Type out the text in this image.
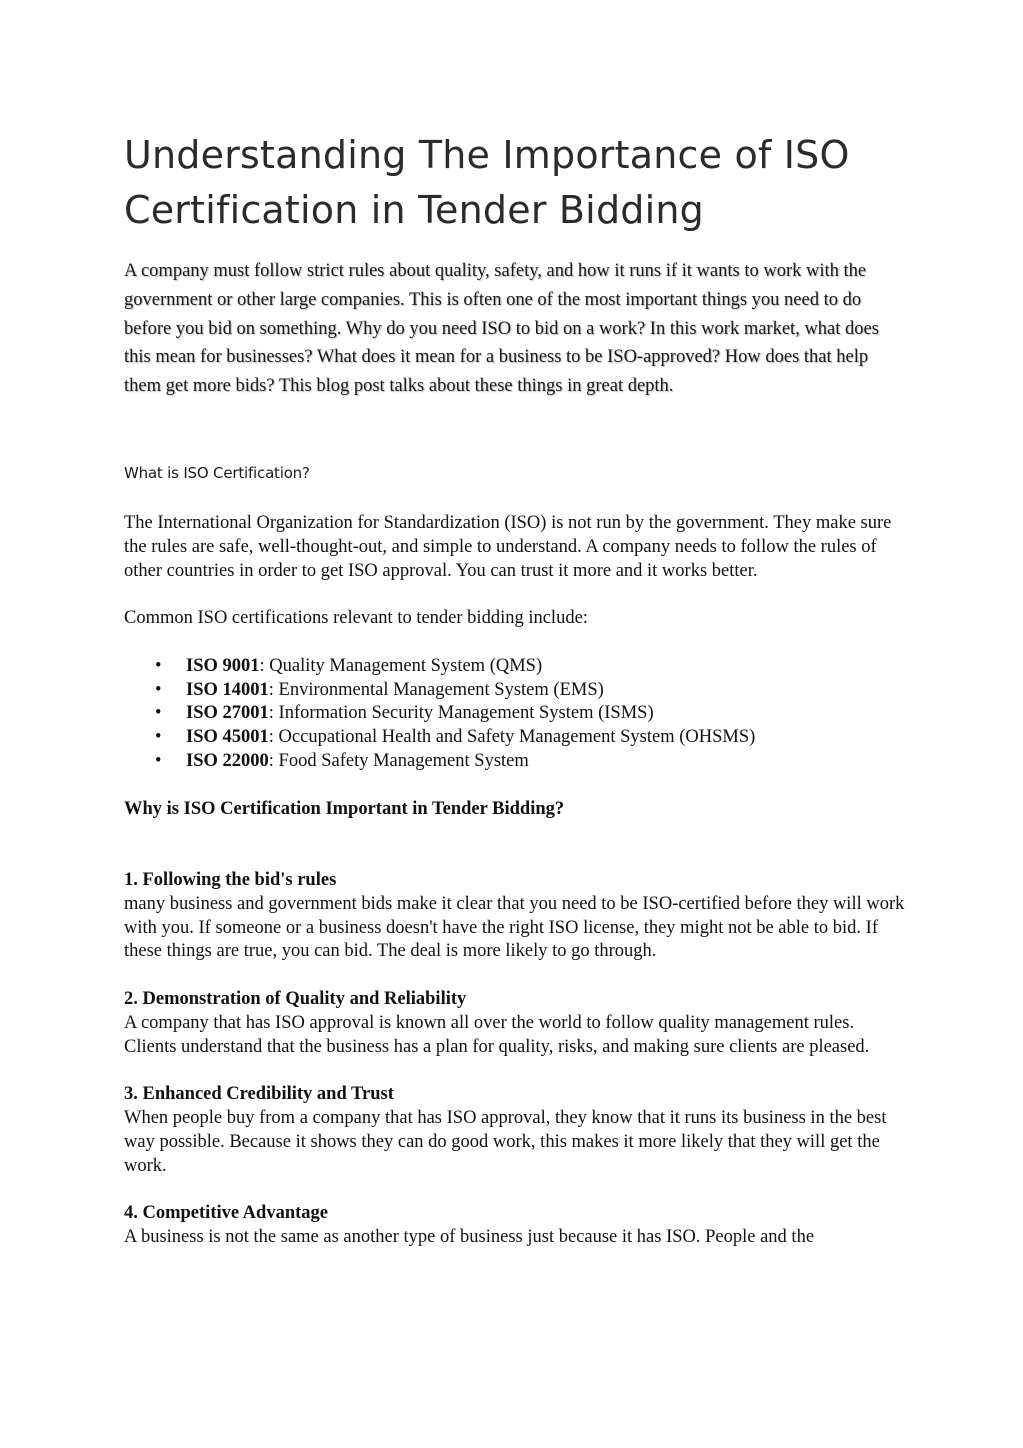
Understanding The Importance of ISO Certification in Tender Bidding

A company must follow strict rules about quality, safety, and how it runs if it wants to work with the government or other large companies. This is often one of the most important things you need to do before you bid on something. Why do you need ISO to bid on a work? In this work market, what does this mean for businesses? What does it mean for a business to be ISO-approved? How does that help them get more bids? This blog post talks about these things in great depth.

What is ISO Certification?

The International Organization for Standardization (ISO) is not run by the government. They make sure the rules are safe, well-thought-out, and simple to understand. A company needs to follow the rules of other countries in order to get ISO approval. You can trust it more and it works better.

Common ISO certifications relevant to tender bidding include:

• ISO 9001: Quality Management System (QMS)
• ISO 14001: Environmental Management System (EMS)
• ISO 27001: Information Security Management System (ISMS)
• ISO 45001: Occupational Health and Safety Management System (OHSMS)
• ISO 22000: Food Safety Management System

Why is ISO Certification Important in Tender Bidding?

1. Following the bid's rules
many business and government bids make it clear that you need to be ISO-certified before they will work with you. If someone or a business doesn't have the right ISO license, they might not be able to bid. If these things are true, you can bid. The deal is more likely to go through.
2. Demonstration of Quality and Reliability
A company that has ISO approval is known all over the world to follow quality management rules. Clients understand that the business has a plan for quality, risks, and making sure clients are pleased.
3. Enhanced Credibility and Trust
When people buy from a company that has ISO approval, they know that it runs its business in the best way possible. Because it shows they can do good work, this makes it more likely that they will get the work.
4. Competitive Advantage
A business is not the same as another type of business just because it has ISO. People and the
